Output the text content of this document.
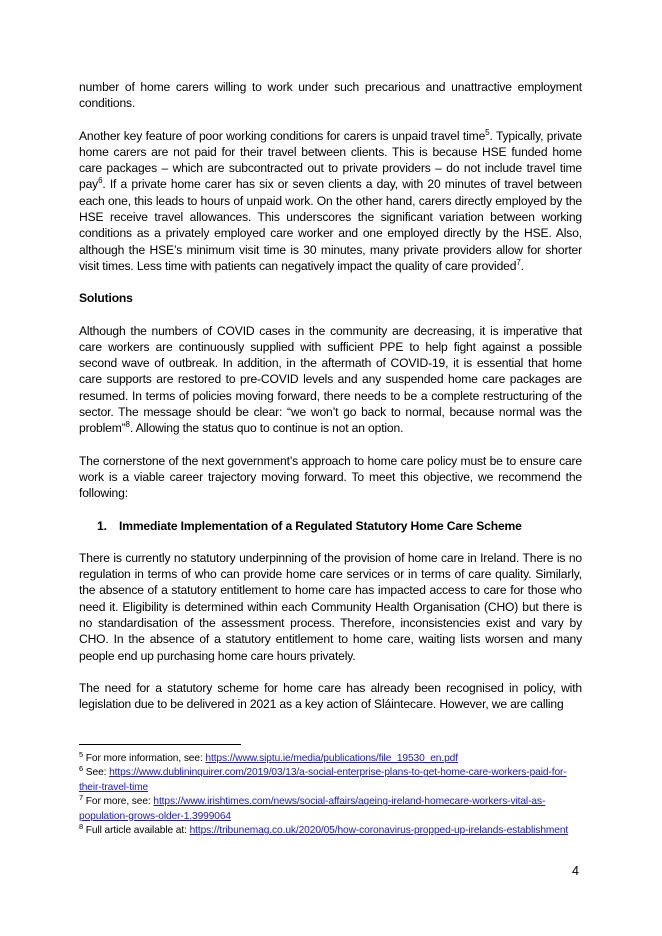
number of home carers willing to work under such precarious and unattractive employment conditions.

Another key feature of poor working conditions for carers is unpaid travel time$^5$. Typically, private home carers are not paid for their travel between clients. This is because HSE funded home care packages – which are subcontracted out to private providers – do not include travel time pay$^6$. If a private home carer has six or seven clients a day, with 20 minutes of travel between each one, this leads to hours of unpaid work. On the other hand, carers directly employed by the HSE receive travel allowances. This underscores the significant variation between working conditions as a privately employed care worker and one employed directly by the HSE. Also, although the HSE’s minimum visit time is 30 minutes, many private providers allow for shorter visit times. Less time with patients can negatively impact the quality of care provided$^7$.

Solutions

Although the numbers of COVID cases in the community are decreasing, it is imperative that care workers are continuously supplied with sufficient PPE to help fight against a possible second wave of outbreak. In addition, in the aftermath of COVID-19, it is essential that home care supports are restored to pre-COVID levels and any suspended home care packages are resumed. In terms of policies moving forward, there needs to be a complete restructuring of the sector. The message should be clear: “we won’t go back to normal, because normal was the problem”$^8$. Allowing the status quo to continue is not an option.

The cornerstone of the next government’s approach to home care policy must be to ensure care work is a viable career trajectory moving forward. To meet this objective, we recommend the following:

1. Immediate Implementation of a Regulated Statutory Home Care Scheme

There is currently no statutory underpinning of the provision of home care in Ireland. There is no regulation in terms of who can provide home care services or in terms of care quality. Similarly, the absence of a statutory entitlement to home care has impacted access to care for those who need it. Eligibility is determined within each Community Health Organisation (CHO) but there is no standardisation of the assessment process. Therefore, inconsistencies exist and vary by CHO. In the absence of a statutory entitlement to home care, waiting lists worsen and many people end up purchasing home care hours privately.

The need for a statutory scheme for home care has already been recognised in policy, with legislation due to be delivered in 2021 as a key action of Sláintecare. However, we are calling

$^5$ For more information, see: https://www.siptu.ie/media/publications/file_19530_en.pdf
$^6$ See: https://www.dublininquirer.com/2019/03/13/a-social-enterprise-plans-to-get-home-care-workers-paid-for-their-travel-time
$^7$ For more, see: https://www.irishtimes.com/news/social-affairs/ageing-ireland-homecare-workers-vital-as-population-grows-older-1.3999064
$^8$ Full article available at: https://tribunemag.co.uk/2020/05/how-coronavirus-propped-up-irelands-establishment
4
